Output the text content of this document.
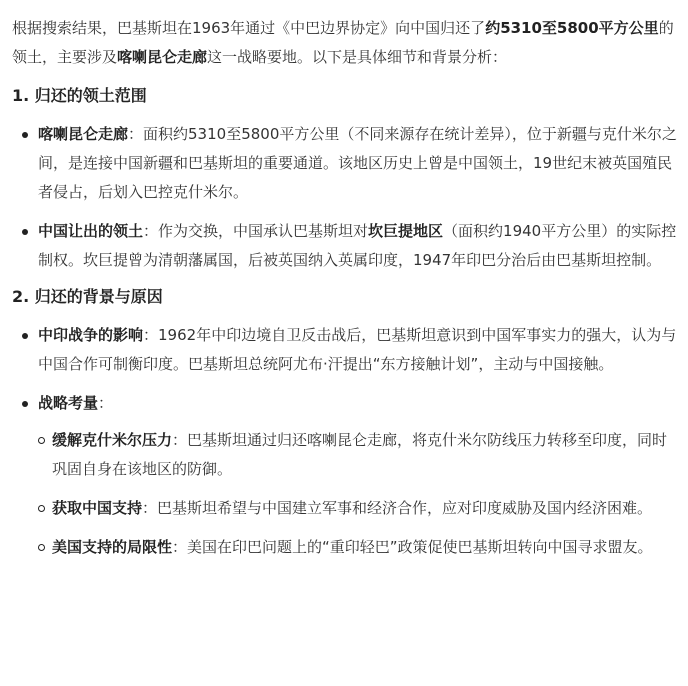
根据搜索结果，巴基斯坦在1963年通过《中巴边界协定》向中国归还了约5310至5800平方公里的领土，主要涉及喀喇昆仑走廊这一战略要地。以下是具体细节和背景分析：

1. 归还的领土范围
喀喇昆仑走廊：面积约5310至5800平方公里（不同来源存在统计差异），位于新疆与克什米尔之间，是连接中国新疆和巴基斯坦的重要通道。该地区历史上曾是中国领土，19世纪末被英国殖民者侵占，后划入巴控克什米尔。
中国让出的领土：作为交换，中国承认巴基斯坦对坎巨提地区（面积约1940平方公里）的实际控制权。坎巨提曾为清朝藩属国，后被英国纳入英属印度，1947年印巴分治后由巴基斯坦控制。
2. 归还的背景与原因
中印战争的影响：1962年中印边境自卫反击战后，巴基斯坦意识到中国军事实力的强大，认为与中国合作可制衡印度。巴基斯坦总统阿尤布·汗提出“东方接触计划”，主动与中国接触。
战略考量：
缓解克什米尔压力：巴基斯坦通过归还喀喇昆仑走廊，将克什米尔防线压力转移至印度，同时巩固自身在该地区的防御。
获取中国支持：巴基斯坦希望与中国建立军事和经济合作，应对印度威胁及国内经济困难。
美国支持的局限性：美国在印巴问题上的“重印轻巴”政策促使巴基斯坦转向中国寻求盟友。
